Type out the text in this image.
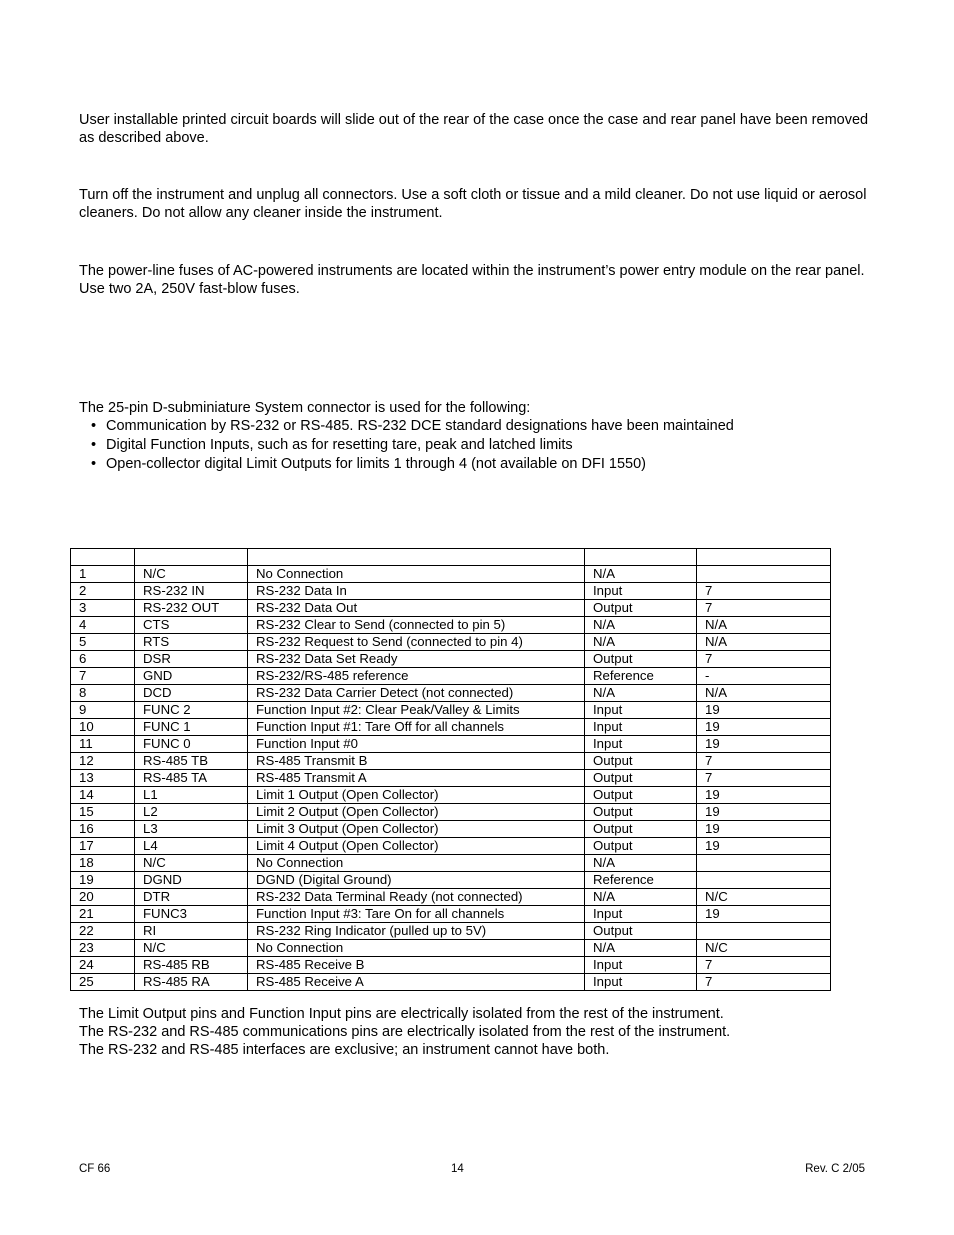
User installable printed circuit boards will slide out of the rear of the case once the case and rear panel have been removed as described above.

Turn off the instrument and unplug all connectors. Use a soft cloth or tissue and a mild cleaner. Do not use liquid or aerosol cleaners. Do not allow any cleaner inside the instrument.

The power-line fuses of AC-powered instruments are located within the instrument’s power entry module on the rear panel. Use two 2A, 250V fast-blow fuses.

The 25-pin D-subminiature System connector is used for the following:

• Communication by RS-232 or RS-485. RS-232 DCE standard designations have been maintained
• Digital Function Inputs, such as for resetting tare, peak and latched limits
• Open-collector digital Limit Outputs for limits 1 through 4 (not available on DFI 1550)

1	N/C	No Connection	N/A	
2	RS-232 IN	RS-232 Data In	Input	7
3	RS-232 OUT	RS-232 Data Out	Output	7
4	CTS	RS-232 Clear to Send (connected to pin 5)	N/A	N/A
5	RTS	RS-232 Request to Send (connected to pin 4)	N/A	N/A
6	DSR	RS-232 Data Set Ready	Output	7
7	GND	RS-232/RS-485 reference	Reference	-
8	DCD	RS-232 Data Carrier Detect (not connected)	N/A	N/A
9	FUNC 2	Function Input #2: Clear Peak/Valley & Limits	Input	19
10	FUNC 1	Function Input #1: Tare Off for all channels	Input	19
11	FUNC 0	Function Input #0	Input	19
12	RS-485 TB	RS-485 Transmit B	Output	7
13	RS-485 TA	RS-485 Transmit A	Output	7
14	L1	Limit 1 Output (Open Collector)	Output	19
15	L2	Limit 2 Output (Open Collector)	Output	19
16	L3	Limit 3 Output (Open Collector)	Output	19
17	L4	Limit 4 Output (Open Collector)	Output	19
18	N/C	No Connection	N/A	
19	DGND	DGND (Digital Ground)	Reference	
20	DTR	RS-232 Data Terminal Ready (not connected)	N/A	N/C
21	FUNC3	Function Input #3: Tare On for all channels	Input	19
22	RI	RS-232 Ring Indicator (pulled up to 5V)	Output	
23	N/C	No Connection	N/A	N/C
24	RS-485 RB	RS-485 Receive B	Input	7
25	RS-485 RA	RS-485 Receive A	Input	7
The Limit Output pins and Function Input pins are electrically isolated from the rest of the instrument.
The RS-232 and RS-485 communications pins are electrically isolated from the rest of the instrument.
The RS-232 and RS-485 interfaces are exclusive; an instrument cannot have both.
CF 66	14	Rev. C 2/05
